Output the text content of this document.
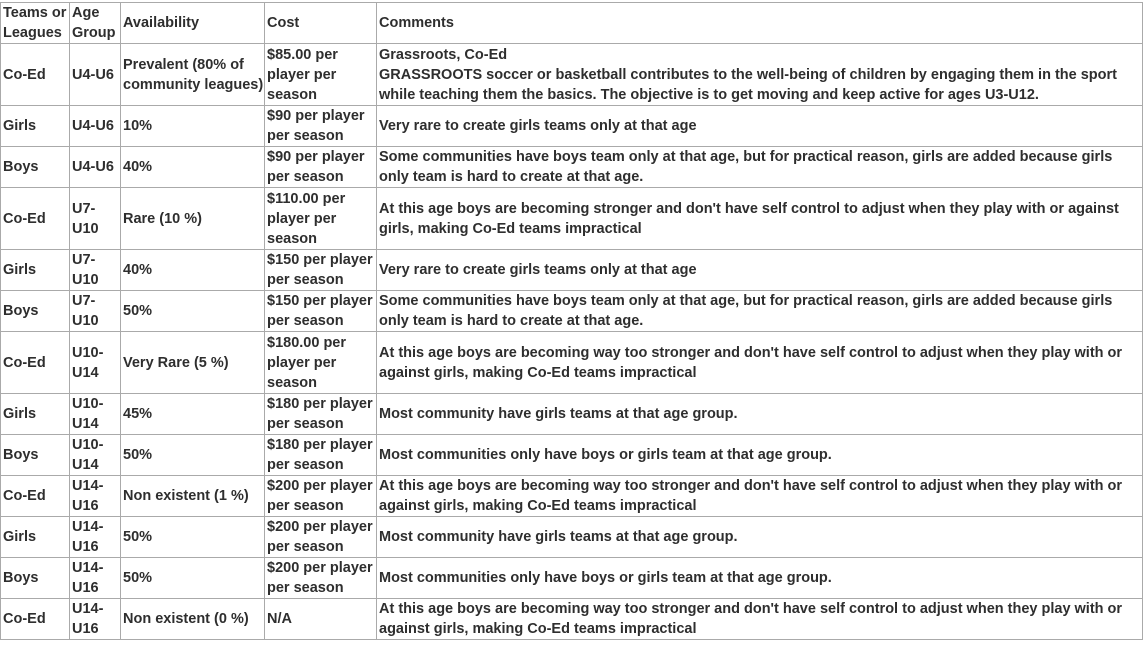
Teams or Leagues	Age Group	Availability	Cost	Comments
Co-Ed	U4-U6	Prevalent (80% of community leagues)	$85.00 per player per season	Grassroots, Co-Ed
GRASSROOTS soccer or basketball contributes to the well-being of children by engaging them in the sport while teaching them the basics. The objective is to get moving and keep active for ages U3-U12.

Girls	U4-U6	10%	$90 per player per season	Very rare to create girls teams only at that age
Boys	U4-U6	40%	$90 per player per season	Some communities have boys team only at that age, but for practical reason, girls are added because girls only team is hard to create at that age.
Co-Ed	U7-U10	Rare (10 %)	$110.00 per player per season	At this age boys are becoming stronger and don't have self control to adjust when they play with or against girls, making Co-Ed teams impractical
Girls	U7-U10	40%	$150 per player per season	Very rare to create girls teams only at that age
Boys	U7-U10	50%	$150 per player per season	Some communities have boys team only at that age, but for practical reason, girls are added because girls only team is hard to create at that age.
Co-Ed	U10-U14	Very Rare (5 %)	$180.00 per player per season	At this age boys are becoming way too stronger and don't have self control to adjust when they play with or against girls, making Co-Ed teams impractical
Girls	U10-U14	45%	$180 per player per season	Most community have girls teams at that age group.
Boys	U10-U14	50%	$180 per player per season	Most communities only have boys or girls team at that age group.
Co-Ed	U14-U16	Non existent (1 %)	$200 per player per season	At this age boys are becoming way too stronger and don't have self control to adjust when they play with or against girls, making Co-Ed teams impractical
Girls	U14-U16	50%	$200 per player per season	Most community have girls teams at that age group.
Boys	U14-U16	50%	$200 per player per season	Most communities only have boys or girls team at that age group.
Co-Ed	U14-U16	Non existent (0 %)	N/A	At this age boys are becoming way too stronger and don't have self control to adjust when they play with or against girls, making Co-Ed teams impractical
